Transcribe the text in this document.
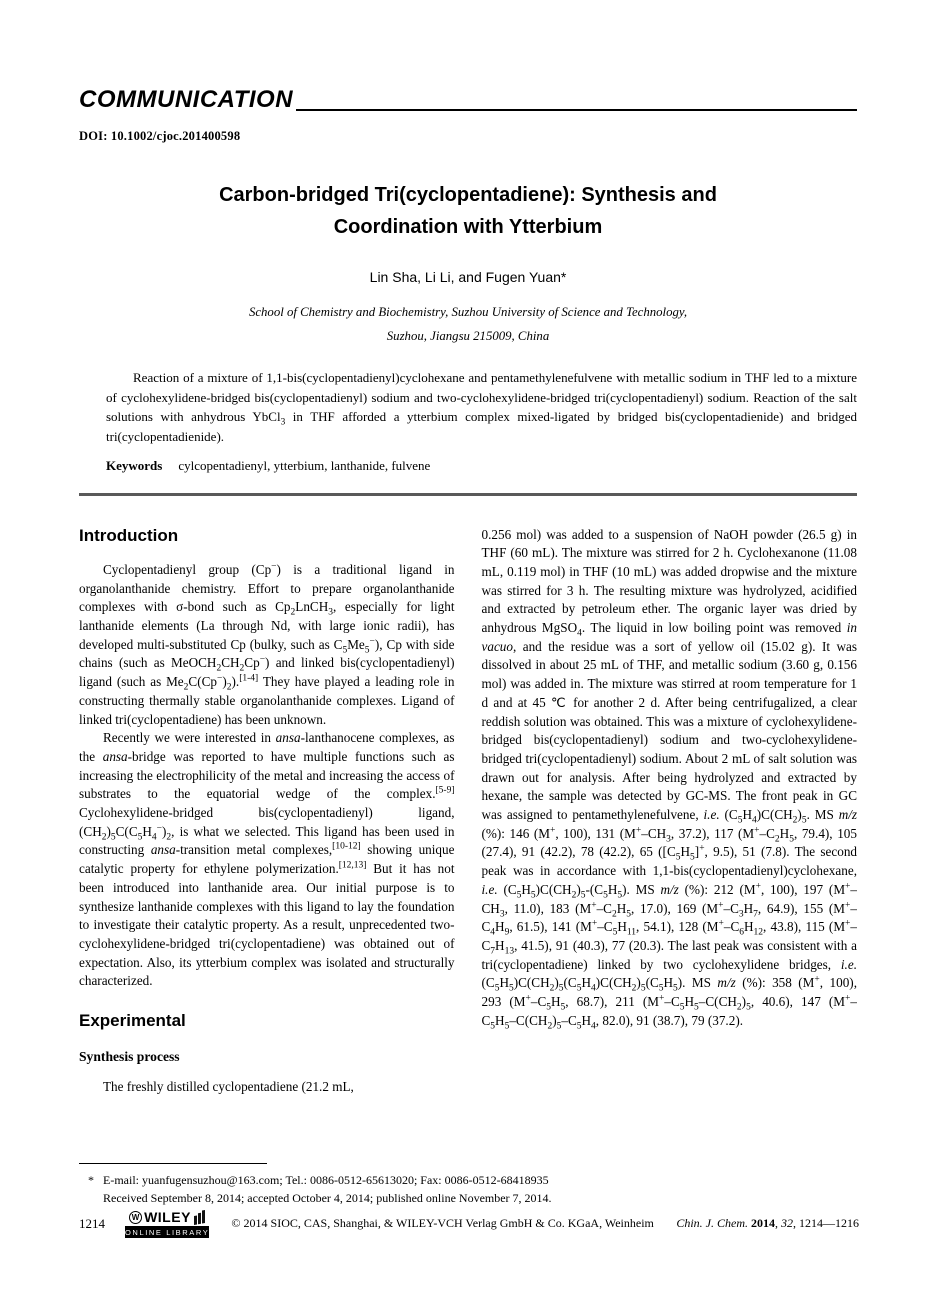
COMMUNICATION
DOI: 10.1002/cjoc.201400598
Carbon-bridged Tri(cyclopentadiene): Synthesis and
Coordination with Ytterbium
Lin Sha, Li Li, and Fugen Yuan*
School of Chemistry and Biochemistry, Suzhou University of Science and Technology,
Suzhou, Jiangsu 215009, China

Reaction of a mixture of 1,1-bis(cyclopentadienyl)cyclohexane and pentamethylenefulvene with metallic sodium in THF led to a mixture of cyclohexylidene-bridged bis(cyclopentadienyl) sodium and two-cyclohexylidene-bridged tri(cyclopentadienyl) sodium. Reaction of the salt solutions with anhydrous YbCl$_3$ in THF afforded a ytterbium complex mixed-ligated by bridged bis(cyclopentadienide) and bridged tri(cyclopentadienide).

Keywords cylcopentadienyl, ytterbium, lanthanide, fulvene
Introduction

Cyclopentadienyl group (Cp−) is a traditional ligand in organolanthanide chemistry. Effort to prepare organolanthanide complexes with σ-bond such as $Cp_2LnCH_3$, especially for light lanthanide elements (La through Nd, with large ionic radii), has developed multi-substituted Cp (bulky, such as $C_5Me_5^-$), Cp with side chains (such as $MeOCH_2CH_2Cp^-$) and linked bis(cyclopentadienyl) ligand (such as $Me_2C(Cp^-)_2).[1-4]$ They have played a leading role in constructing thermally stable organolanthanide complexes. Ligand of linked tri(cyclopentadiene) has been unknown.

Recently we were interested in ansa-lanthanocene complexes, as the ansa-bridge was reported to have multiple functions such as increasing the electrophilicity of the metal and increasing the access of substrates to the equatorial wedge of the complex.[5-9] Cyclohexylidene-bridged bis(cyclopentadienyl) ligand, $(CH_2)_5C(C_5H_4^-)_2$, is what we selected. This ligand has been used in constructing ansa-transition metal complexes,[10-12] showing unique catalytic property for ethylene polymerization.[12,13] But it has not been introduced into lanthanide area. Our initial purpose is to synthesize lanthanide complexes with this ligand to lay the foundation to investigate their catalytic property. As a result, unprecedented two-cyclohexylidene-bridged tri(cyclopentadiene) was obtained out of expectation. Also, its ytterbium complex was isolated and structurally characterized.

Experimental
Synthesis process

The freshly distilled cyclopentadiene (21.2 mL,

0.256 mol) was added to a suspension of NaOH powder (26.5 g) in THF (60 mL). The mixture was stirred for 2 h. Cyclohexanone (11.08 mL, 0.119 mol) in THF (10 mL) was added dropwise and the mixture was stirred for 3 h. The resulting mixture was hydrolyzed, acidified and extracted by petroleum ether. The organic layer was dried by anhydrous MgSO$_4$. The liquid in low boiling point was removed in vacuo, and the residue was a sort of yellow oil (15.02 g). It was dissolved in about 25 mL of THF, and metallic sodium (3.60 g, 0.156 mol) was added in. The mixture was stirred at room temperature for 1 d and at 45 ℃ for another 2 d. After being centrifugalized, a clear reddish solution was obtained. This was a mixture of cyclohexylidene-bridged bis(cyclopentadienyl) sodium and two-cyclohexylidene-bridged tri(cyclopentadienyl) sodium. About 2 mL of salt solution was drawn out for analysis. After being hydrolyzed and extracted by hexane, the sample was detected by GC-MS. The front peak in GC was assigned to pentamethylenefulvene, i.e. $(C_5H_4)C(CH_2)_5$. MS m/z (%): 146 (M+, 100), 131 ($M^+-CH_3$, 37.2), 117 ($M^+-C_2H_5$, 79.4), 105 (27.4), 91 (42.2), 78 (42.2), 65 ($[C_5H_5]^+$, 9.5), 51 (7.8). The second peak was in accordance with 1,1-bis(cyclopentadienyl)cyclohexane, i.e. $(C_5H_5)C(CH_2)_5-(C_5H_5)$. MS m/z (%): 212 (M+, 100), 197 ($M^+-CH_3$, 11.0), 183 ($M^+-C_2H_5$, 17.0), 169 ($M^+-C_3H_7$, 64.9), 155 ($M^+-C_4H_9$, 61.5), 141 ($M^+-C_5H_{11}$, 54.1), 128 ($M^+-C_6H_{12}$, 43.8), 115 ($M^+-C_7H_{13}$, 41.5), 91 (40.3), 77 (20.3). The last peak was consistent with a tri(cyclopentadiene) linked by two cyclohexylidene bridges, i.e. $(C_5H_5)C(CH_2)_5(C_5H_4)C(CH_2)_5(C_5H_5)$. MS m/z (%): 358 (M+, 100), 293 ($M^+-C_5H_5$, 68.7), 211 ($M^+-C_5H_5-C(CH_2)_5$, 40.6), 147 ($M^+-C_5H_5-C(CH_2)_5-C_5H_4$, 82.0), 91 (38.7), 79 (37.2).

* E-mail: yuanfugensuzhou@163.com; Tel.: 0086-0512-65613020; Fax: 0086-0512-68418935
Received September 8, 2014; accepted October 4, 2014; published online November 7, 2014.
1214	W WILEY
ONLINE LIBRARY
© 2014 SIOC, CAS, Shanghai, & WILEY-VCH Verlag GmbH & Co. KGaA, Weinheim	Chin. J. Chem. 2014, 32, 1214—1216
